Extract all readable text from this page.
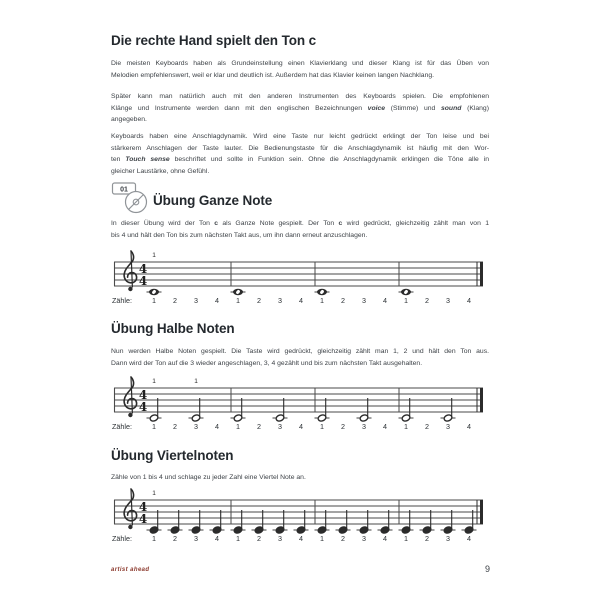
Die rechte Hand spielt den Ton c
Die meisten Keyboards haben als Grundeinstellung einen Klavierklang und dieser Klang ist für das Üben von
Melodien empfehlenswert, weil er klar und deutlich ist. Außerdem hat das Klavier keinen langen Nachklang.
Später kann man natürlich auch mit den anderen Instrumenten des Keyboards spielen. Die empfohlenen
Klänge und Instrumente werden dann mit den englischen Bezeichnungen voice (Stimme) und sound (Klang)
angegeben.
Keyboards haben eine Anschlagdynamik. Wird eine Taste nur leicht gedrückt erklingt der Ton leise und bei
stärkerem Anschlagen der Taste lauter. Die Bedienungstaste für die Anschlagdynamik ist häufig mit den Wor-
ten Touch sense beschriftet und sollte in Funktion sein. Ohne die Anschlagdynamik erklingen die Töne alle in
gleicher Laustärke, ohne Gefühl.
01
Übung Ganze Note
In dieser Übung wird der Ton c als Ganze Note gespielt. Der Ton c wird gedrückt, gleichzeitig zählt man von 1
bis 4 und hält den Ton bis zum nächsten Takt aus, um ihn dann erneut anzuschlagen.
4
4
1
Zähle:	1 2 3 4 1 2 3 4 1 2 3 4 1 2 3 4
Übung Halbe Noten
Nun werden Halbe Noten gespielt. Die Taste wird gedrückt, gleichzeitig zählt man 1, 2 und hält den Ton aus.
Dann wird der Ton auf die 3 wieder angeschlagen, 3, 4 gezählt und bis zum nächsten Takt ausgehalten.
4
4
1	1
Zähle:	1 2 3 4 1 2 3 4 1 2 3 4 1 2 3 4
Übung Viertelnoten
Zähle von 1 bis 4 und schlage zu jeder Zahl eine Viertel Note an.
4
4
1
Zähle:	1 2 3 4 1 2 3 4 1 2 3 4 1 2 3 4
artist ahead	9
